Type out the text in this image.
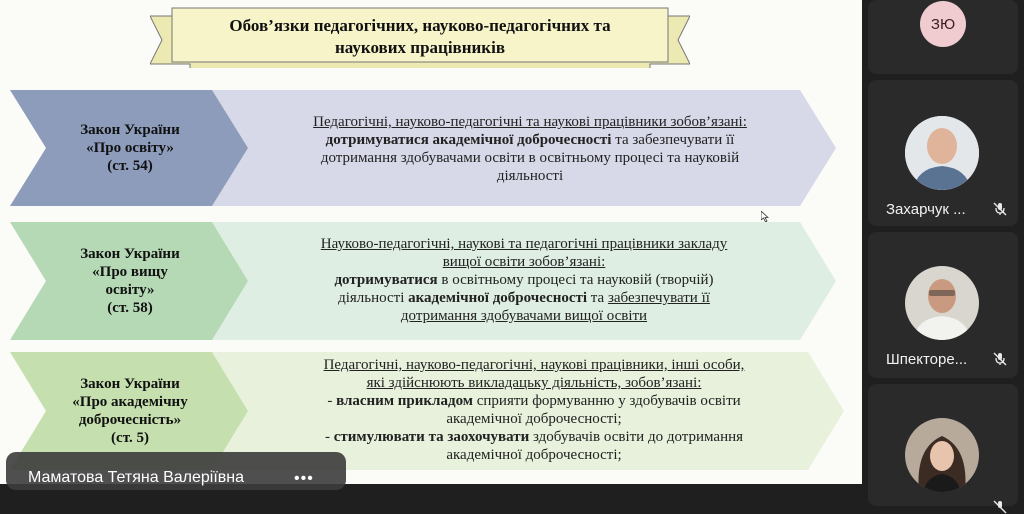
Обов’язки педагогічних, науково-педагогічних та
наукових працівників
Закон України
«Про освіту»
(ст. 54)
Педагогічні, науково-педагогічні та наукові працівники зобов’язані:
дотримуватися академічної доброчесності та забезпечувати її
дотримання здобувачами освіти в освітньому процесі та науковій
діяльності
Закон України
«Про вищу
освіту»
(ст. 58)
Науково-педагогічні, наукові та педагогічні працівники закладу
вищої освіти зобов’язані:
дотримуватися в освітньому процесі та науковій (творчій)
діяльності академічної доброчесності та забезпечувати її
дотримання здобувачами вищої освіти
Закон України
«Про академічну
доброчесність»
(ст. 5)
Педагогічні, науково-педагогічні, наукові працівники, інші особи,
які здійснюють викладацьку діяльність, зобов’язані:
- власним прикладом сприяти формуванню у здобувачів освіти
академічної доброчесності;
- стимулювати та заохочувати здобувачів освіти до дотримання
академічної доброчесності;
Маматова Тетяна Валеріївна	•••
ЗЮ
Захарчук ...
Шпекторе...
